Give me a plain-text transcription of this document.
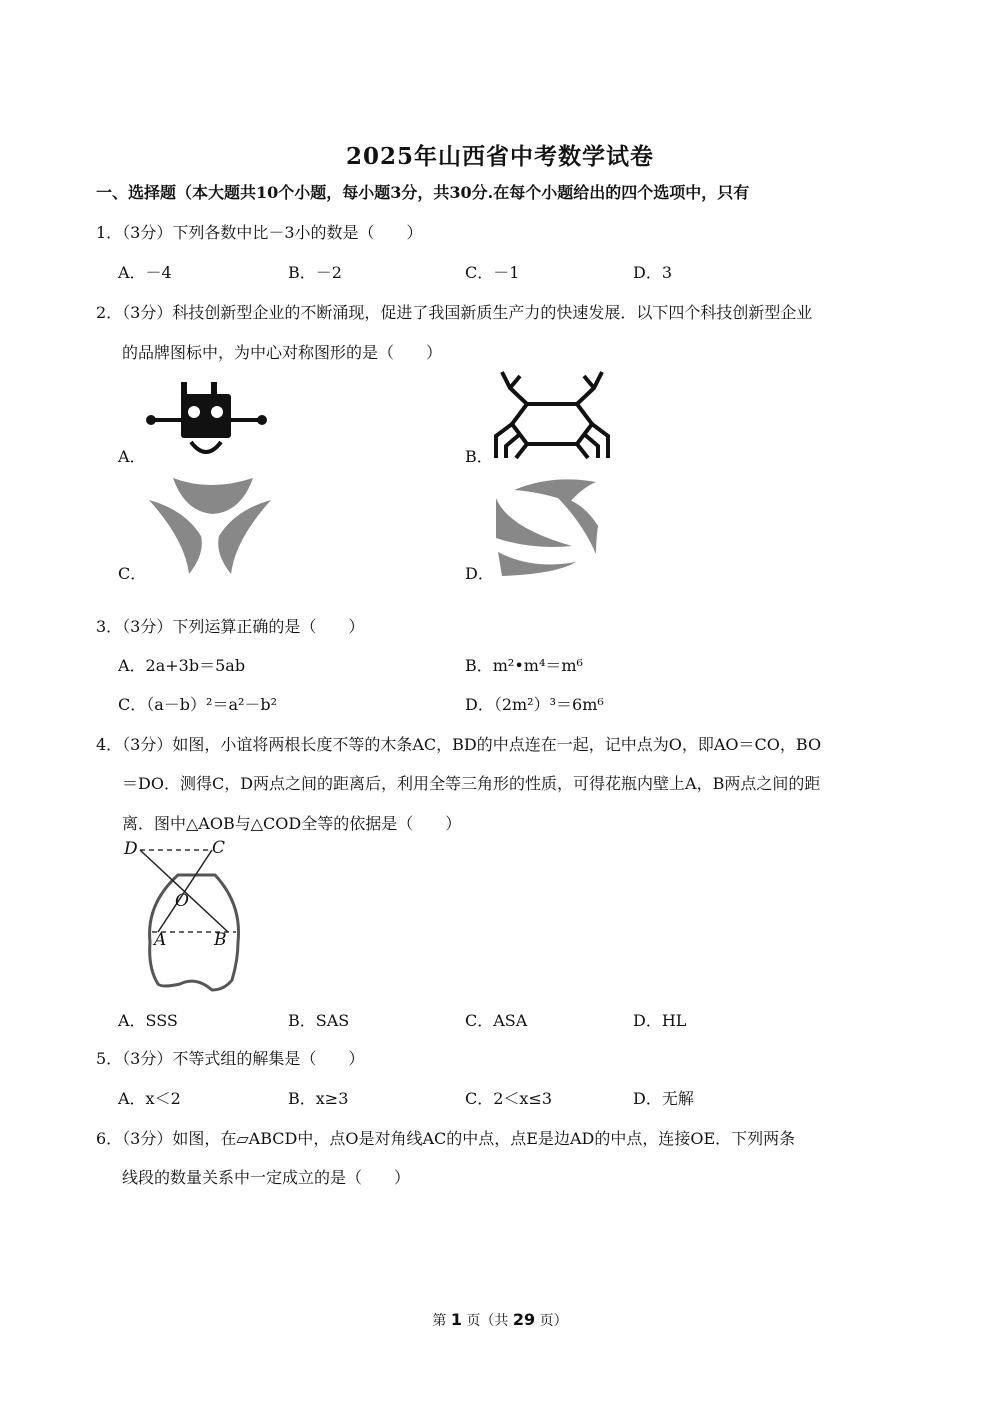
2025年山西省中考数学试卷
一、选择题（本大题共10个小题，每小题3分，共30分.在每个小题给出的四个选项中，只有
1．（3分）下列各数中比－3小的数是（　　）
A．－4	B．－2	C．－1	D．3
2．（3分）科技创新型企业的不断涌现，促进了我国新质生产力的快速发展．以下四个科技创新型企业
的品牌图标中，为中心对称图形的是（　　）
A．	B．
C．	D．
3．（3分）下列运算正确的是（　　）
A．2a+3b＝5ab	B．m²•m⁴＝m⁶
C．（a－b）²＝a²－b²	D．（2m²）³＝6m⁶
4．（3分）如图，小谊将两根长度不等的木条AC，BD的中点连在一起，记中点为O，即AO＝CO，BO
＝DO．测得C，D两点之间的距离后，利用全等三角形的性质，可得花瓶内壁上A，B两点之间的距
离．图中△AOB与△COD全等的依据是（　　）
D	C
O
A	B
A．SSS	B．SAS	C．ASA	D．HL
5．（3分）不等式组的解集是（　　）
A．x＜2	B．x≥3	C．2＜x≤3	D．无解
6．（3分）如图，在▱ABCD中，点O是对角线AC的中点，点E是边AD的中点，连接OE．下列两条
线段的数量关系中一定成立的是（　　）
第 1 页（共 29 页）
